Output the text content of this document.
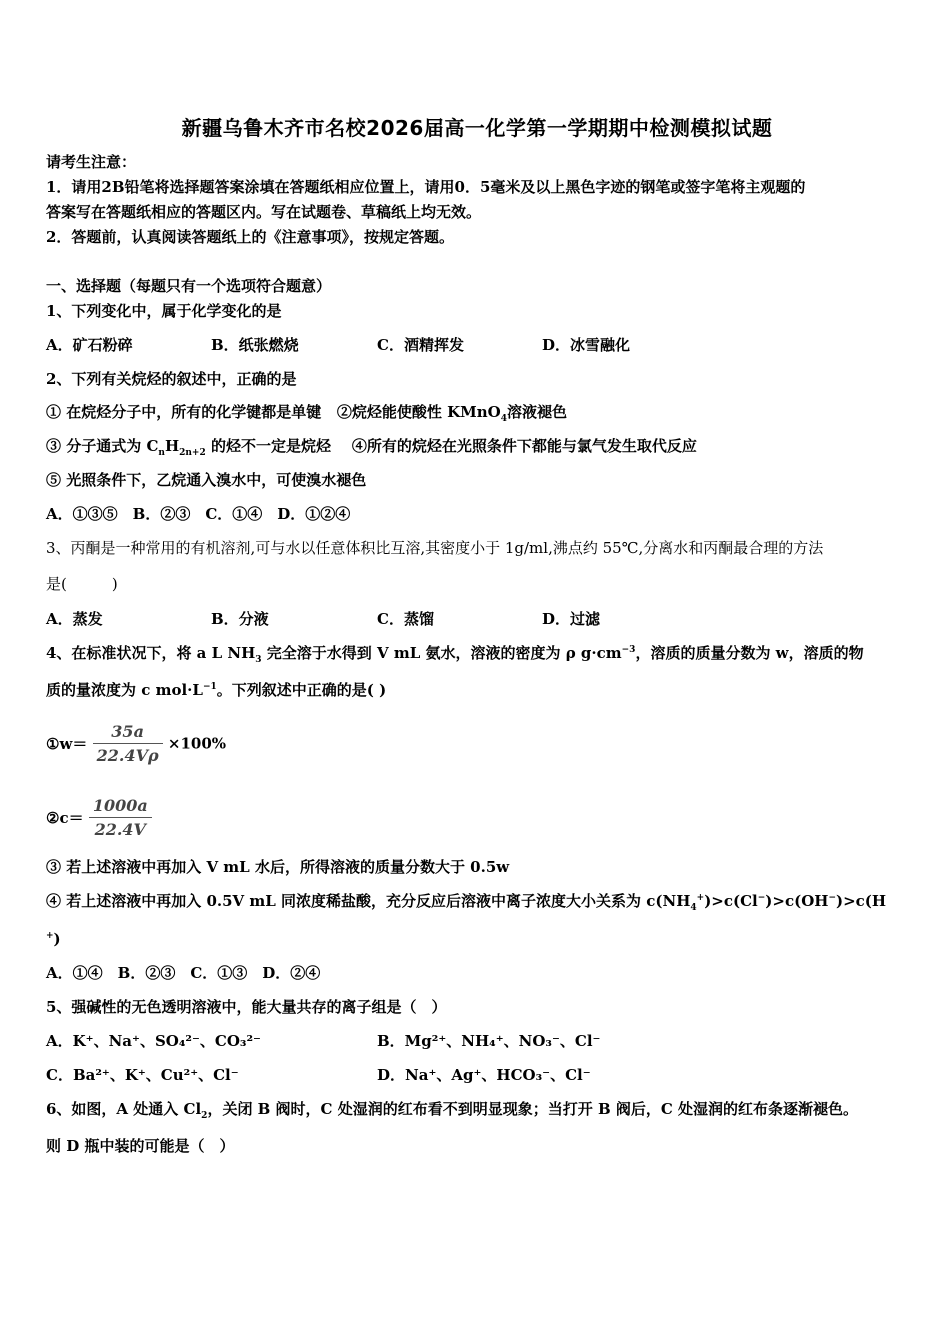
新疆乌鲁木齐市名校2026届高一化学第一学期期中检测模拟试题
请考生注意：
1．请用2B铅笔将选择题答案涂填在答题纸相应位置上，请用0．5毫米及以上黑色字迹的钢笔或签字笔将主观题的
答案写在答题纸相应的答题区内。写在试题卷、草稿纸上均无效。
2．答题前，认真阅读答题纸上的《注意事项》，按规定答题。
一、选择题（每题只有一个选项符合题意）
1、下列变化中，属于化学变化的是
A．矿石粉碎	B．纸张燃烧	C．酒精挥发	D．冰雪融化
2、下列有关烷烃的叙述中，正确的是
① 在烷烃分子中，所有的化学键都是单键 ②烷烃能使酸性 KMnO$_4$溶液褪色
③ 分子通式为 $C_nH_{2n+2}$ 的烃不一定是烷烃 ④所有的烷烃在光照条件下都能与氯气发生取代反应
⑤ 光照条件下，乙烷通入溴水中，可使溴水褪色
A．①③⑤　B．②③　C．①④　D．①②④
3、丙酮是一种常用的有机溶剂,可与水以任意体积比互溶,其密度小于 1g/ml,沸点约 55℃,分离水和丙酮最合理的方法
是(　　　)
A．蒸发	B．分液	C．蒸馏	D．过滤
4、在标准状况下，将 a L $NH_3$ 完全溶于水得到 V mL 氨水，溶液的密度为 ρ $g\cdot cm^{-3}$，溶质的质量分数为 w，溶质的物
质的量浓度为 c $mol\cdot L^{-1}$。下列叙述中正确的是( )
①w＝ $\frac{35a}{22.4V\rho} \times 100\%$
②c＝ $\frac{1000a}{22.4V}$
③ 若上述溶液中再加入 V mL 水后，所得溶液的质量分数大于 0.5w
④ 若上述溶液中再加入 0.5V mL 同浓度稀盐酸，充分反应后溶液中离子浓度大小关系为 $c(NH_4^+)>c(Cl^-)>c(OH^-)>c(H$
+)
A．①④　B．②③　C．①③　D．②④
5、强碱性的无色透明溶液中，能大量共存的离子组是（　）
A．K⁺、Na⁺、SO₄²⁻、CO₃²⁻	B．Mg²⁺、NH₄⁺、NO₃⁻、Cl⁻
C．Ba²⁺、K⁺、Cu²⁺、Cl⁻	D．Na⁺、Ag⁺、HCO₃⁻、Cl⁻
6、如图，A 处通入 $Cl_2$，关闭 B 阀时，C 处湿润的红布看不到明显现象；当打开 B 阀后，C 处湿润的红布条逐渐褪色。
则 D 瓶中装的可能是（　）
